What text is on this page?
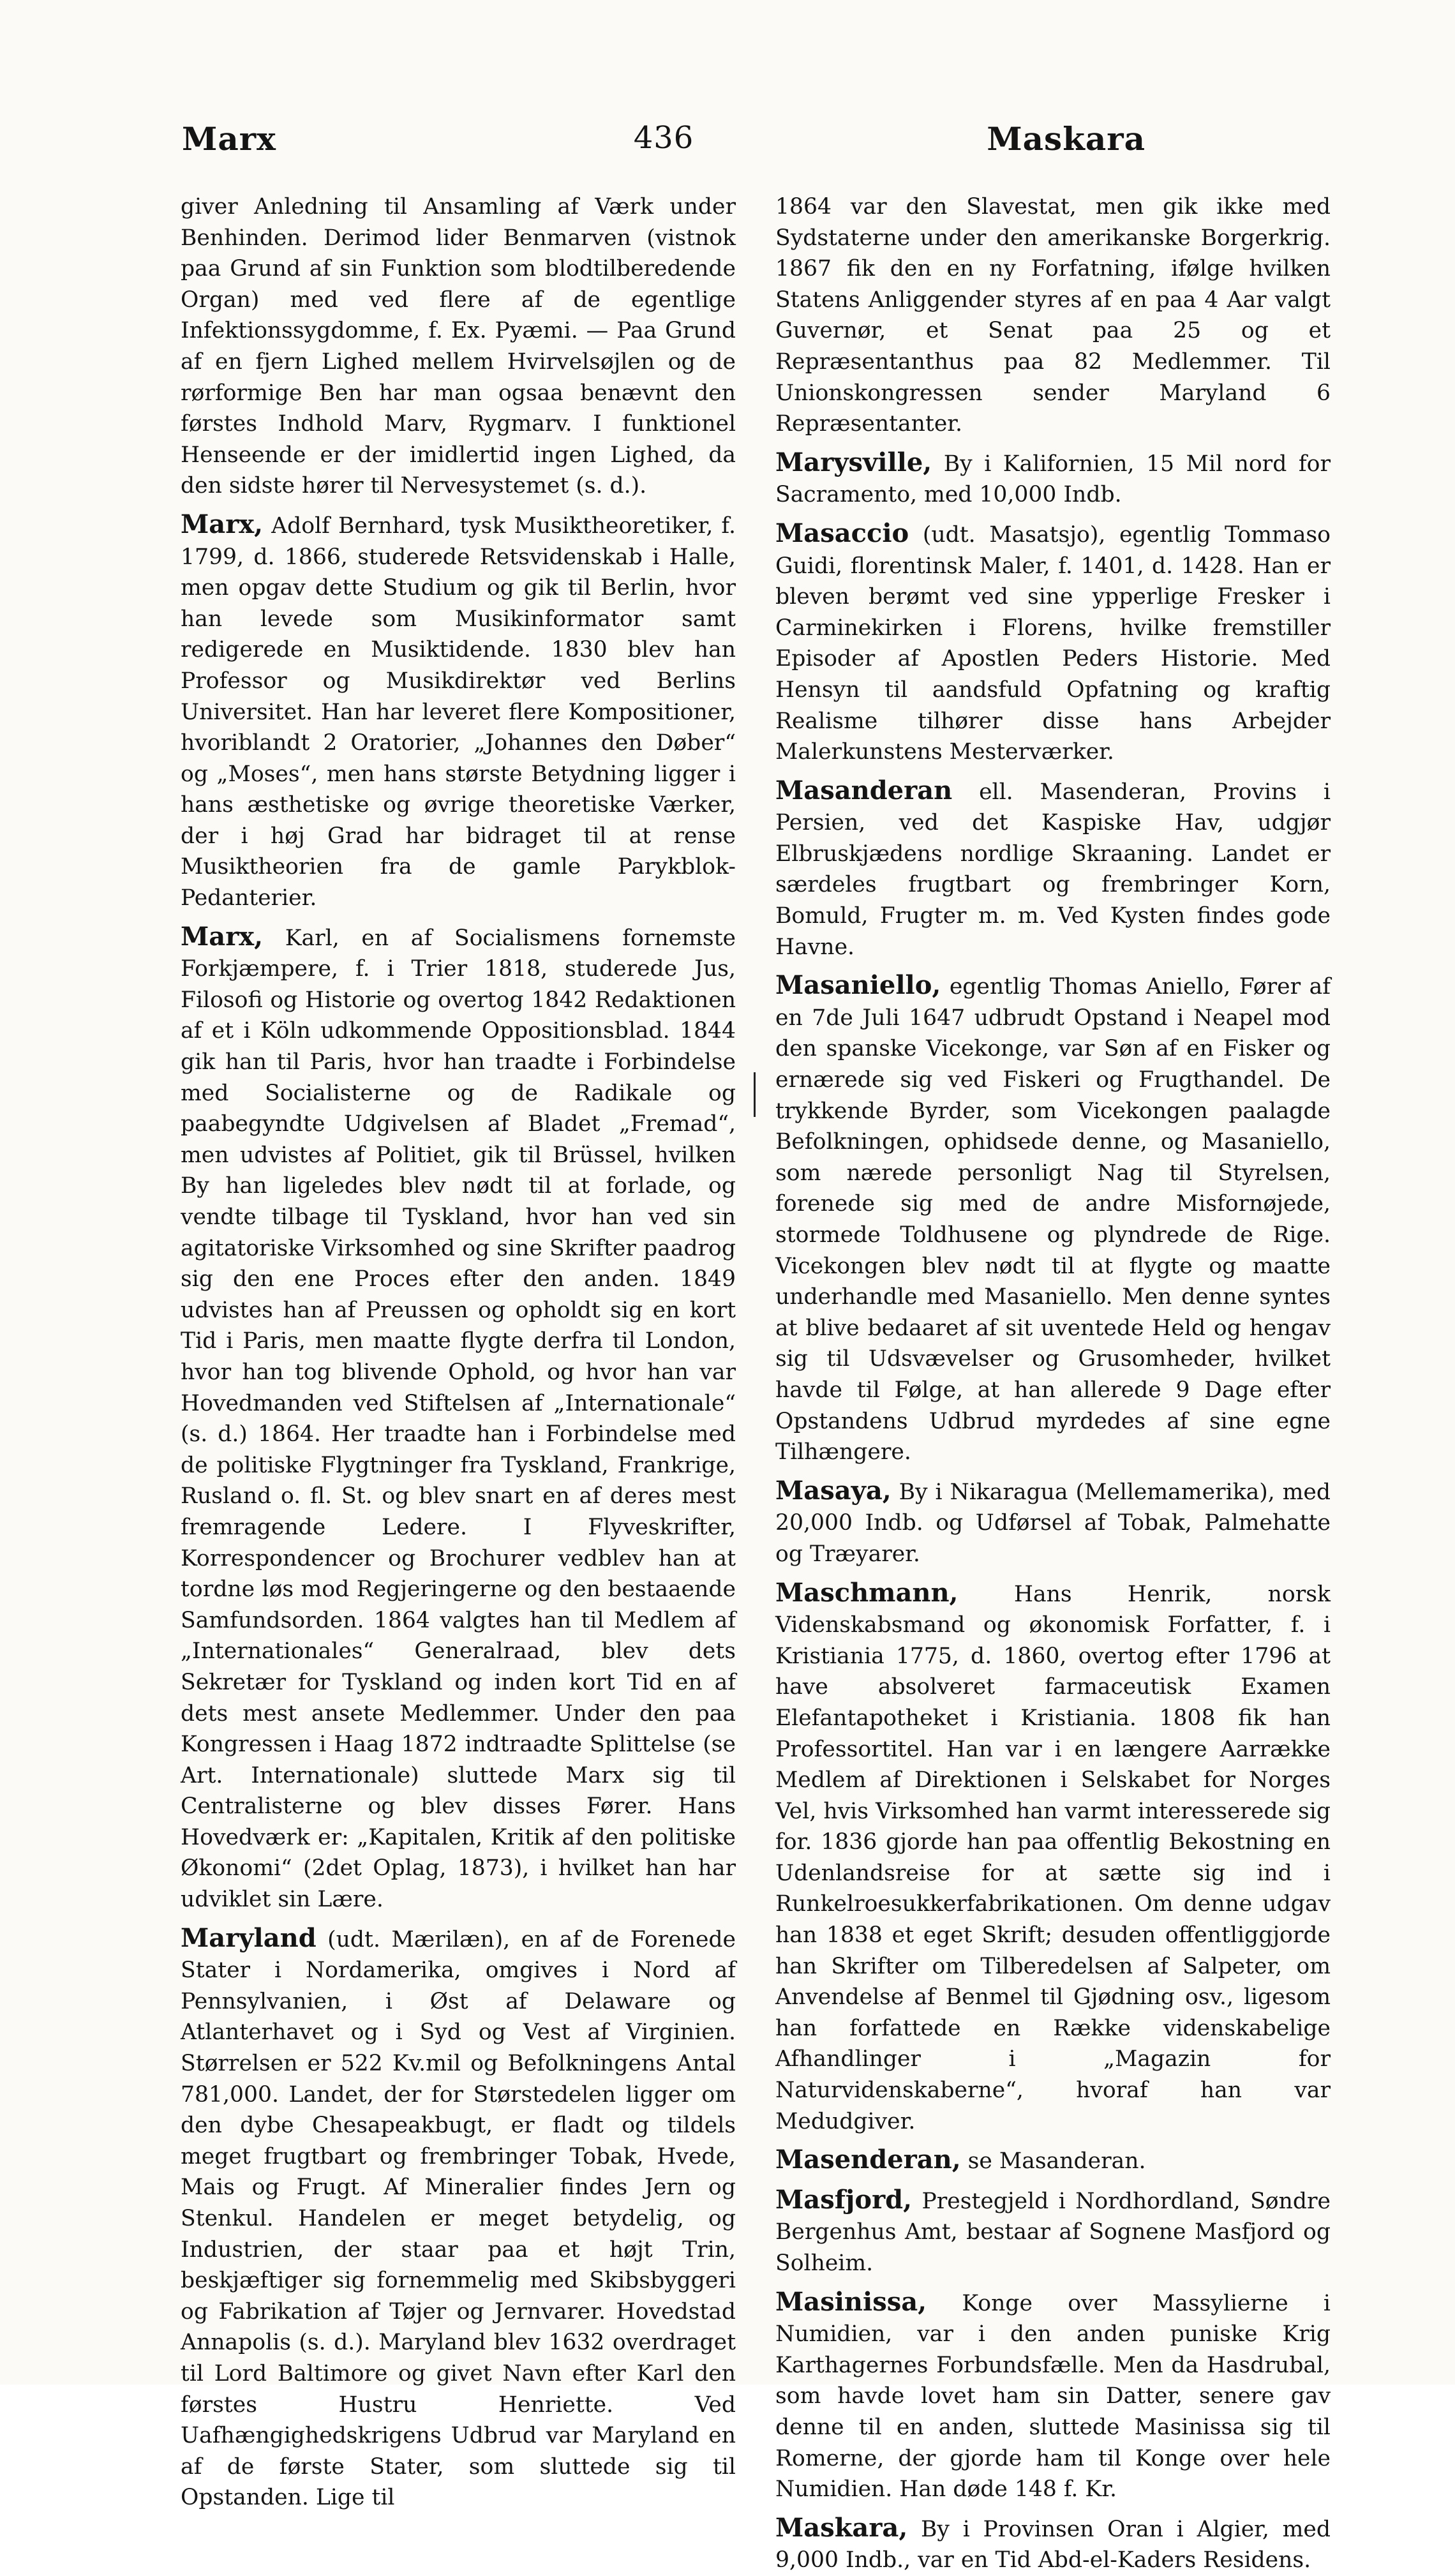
Marx	436	Maskara

giver Anledning til Ansamling af Værk under Benhinden. Derimod lider Benmarven (vistnok paa Grund af sin Funktion som blodtilberedende Organ) med ved flere af de egentlige Infektionssygdomme, f. Ex. Pyæmi. — Paa Grund af en fjern Lighed mellem Hvirvelsøjlen og de rørformige Ben har man ogsaa benævnt den førstes Indhold Marv, Rygmarv. I funktionel Henseende er der imidlertid ingen Lighed, da den sidste hører til Nervesystemet (s. d.).

Marx, Adolf Bernhard, tysk Musiktheoretiker, f. 1799, d. 1866, studerede Retsvidenskab i Halle, men opgav dette Studium og gik til Berlin, hvor han levede som Musikinformator samt redigerede en Musiktidende. 1830 blev han Professor og Musikdirektør ved Berlins Universitet. Han har leveret flere Kompositioner, hvoriblandt 2 Oratorier, „Johannes den Døber“ og „Moses“, men hans største Betydning ligger i hans æsthetiske og øvrige theoretiske Værker, der i høj Grad har bidraget til at rense Musiktheorien fra de gamle Parykblok-Pedanterier.

Marx, Karl, en af Socialismens fornemste Forkjæmpere, f. i Trier 1818, studerede Jus, Filosofi og Historie og overtog 1842 Redaktionen af et i Köln udkommende Oppositionsblad. 1844 gik han til Paris, hvor han traadte i Forbindelse med Socialisterne og de Radikale og paabegyndte Udgivelsen af Bladet „Fremad“, men udvistes af Politiet, gik til Brüssel, hvilken By han ligeledes blev nødt til at forlade, og vendte tilbage til Tyskland, hvor han ved sin agitatoriske Virksomhed og sine Skrifter paadrog sig den ene Proces efter den anden. 1849 udvistes han af Preussen og opholdt sig en kort Tid i Paris, men maatte flygte derfra til London, hvor han tog blivende Ophold, og hvor han var Hovedmanden ved Stiftelsen af „Internationale“ (s. d.) 1864. Her traadte han i Forbindelse med de politiske Flygtninger fra Tyskland, Frankrige, Rusland o. fl. St. og blev snart en af deres mest fremragende Ledere. I Flyveskrifter, Korrespondencer og Brochurer vedblev han at tordne løs mod Regjeringerne og den bestaaende Samfundsorden. 1864 valgtes han til Medlem af „Internationales“ Generalraad, blev dets Sekretær for Tyskland og inden kort Tid en af dets mest ansete Medlemmer. Under den paa Kongressen i Haag 1872 indtraadte Splittelse (se Art. Internationale) sluttede Marx sig til Centralisterne og blev disses Fører. Hans Hovedværk er: „Kapitalen, Kritik af den politiske Økonomi“ (2det Oplag, 1873), i hvilket han har udviklet sin Lære.

Maryland (udt. Mærilæn), en af de Forenede Stater i Nordamerika, omgives i Nord af Pennsylvanien, i Øst af Delaware og Atlanterhavet og i Syd og Vest af Virginien. Størrelsen er 522 Kv.mil og Befolkningens Antal 781,000. Landet, der for Størstedelen ligger om den dybe Chesapeakbugt, er fladt og tildels meget frugtbart og frembringer Tobak, Hvede, Mais og Frugt. Af Mineralier findes Jern og Stenkul. Handelen er meget betydelig, og Industrien, der staar paa et højt Trin, beskjæftiger sig fornemmelig med Skibsbyggeri og Fabrikation af Tøjer og Jernvarer. Hovedstad Annapolis (s. d.). Maryland blev 1632 overdraget til Lord Baltimore og givet Navn efter Karl den førstes Hustru Henriette. Ved Uafhængighedskrigens Udbrud var Maryland en af de første Stater, som sluttede sig til Opstanden. Lige til

1864 var den Slavestat, men gik ikke med Sydstaterne under den amerikanske Borgerkrig. 1867 fik den en ny Forfatning, ifølge hvilken Statens Anliggender styres af en paa 4 Aar valgt Guvernør, et Senat paa 25 og et Repræsentanthus paa 82 Medlemmer. Til Unionskongressen sender Maryland 6 Repræsentanter.

Marysville, By i Kalifornien, 15 Mil nord for Sacramento, med 10,000 Indb.

Masaccio (udt. Masatsjo), egentlig Tommaso Guidi, florentinsk Maler, f. 1401, d. 1428. Han er bleven berømt ved sine ypperlige Fresker i Carminekirken i Florens, hvilke fremstiller Episoder af Apostlen Peders Historie. Med Hensyn til aandsfuld Opfatning og kraftig Realisme tilhører disse hans Arbejder Malerkunstens Mesterværker.

Masanderan ell. Masenderan, Provins i Persien, ved det Kaspiske Hav, udgjør Elbruskjædens nordlige Skraaning. Landet er særdeles frugtbart og frembringer Korn, Bomuld, Frugter m. m. Ved Kysten findes gode Havne.

Masaniello, egentlig Thomas Aniello, Fører af en 7de Juli 1647 udbrudt Opstand i Neapel mod den spanske Vicekonge, var Søn af en Fisker og ernærede sig ved Fiskeri og Frugthandel. De trykkende Byrder, som Vicekongen paalagde Befolkningen, ophidsede denne, og Masaniello, som nærede personligt Nag til Styrelsen, forenede sig med de andre Misfornøjede, stormede Toldhusene og plyndrede de Rige. Vicekongen blev nødt til at flygte og maatte underhandle med Masaniello. Men denne syntes at blive bedaaret af sit uventede Held og hengav sig til Udsvævelser og Grusomheder, hvilket havde til Følge, at han allerede 9 Dage efter Opstandens Udbrud myrdedes af sine egne Tilhængere.

Masaya, By i Nikaragua (Mellemamerika), med 20,000 Indb. og Udførsel af Tobak, Palmehatte og Træyarer.

Maschmann,	Hans Henrik, norsk Videnskabsmand og økonomisk Forfatter, f. i Kristiania 1775, d. 1860, overtog efter 1796 at have absolveret farmaceutisk Examen Elefantapotheket i Kristiania. 1808 fik han Professortitel. Han var i en længere Aarrække Medlem af Direktionen i Selskabet for Norges Vel, hvis Virksomhed han varmt interesserede sig for. 1836 gjorde han paa offentlig Bekostning en Udenlandsreise for at sætte sig ind i Runkelroesukkerfabrikationen. Om denne udgav han 1838 et eget Skrift; desuden offentliggjorde han Skrifter om Tilberedelsen af Salpeter, om Anvendelse af Benmel til Gjødning osv., ligesom han forfattede en Række videnskabelige Afhandlinger i „Magazin for Naturvidenskaberne“, hvoraf han var Medudgiver.

Masenderan, se Masanderan.

Masfjord, Prestegjeld i Nordhordland, Søndre Bergenhus Amt, bestaar af Sognene Masfjord og Solheim.

Masinissa, Konge over Massylierne i Numidien, var i den anden puniske Krig Karthagernes Forbundsfælle. Men da Hasdrubal, som havde lovet ham sin Datter, senere gav denne til en anden, sluttede Masinissa sig til Romerne, der gjorde ham til Konge over hele Numidien. Han døde 148 f. Kr.

Maskara, By i Provinsen Oran i Algier, med 9,000 Indb., var en Tid Abd-el-Kaders Residens.
